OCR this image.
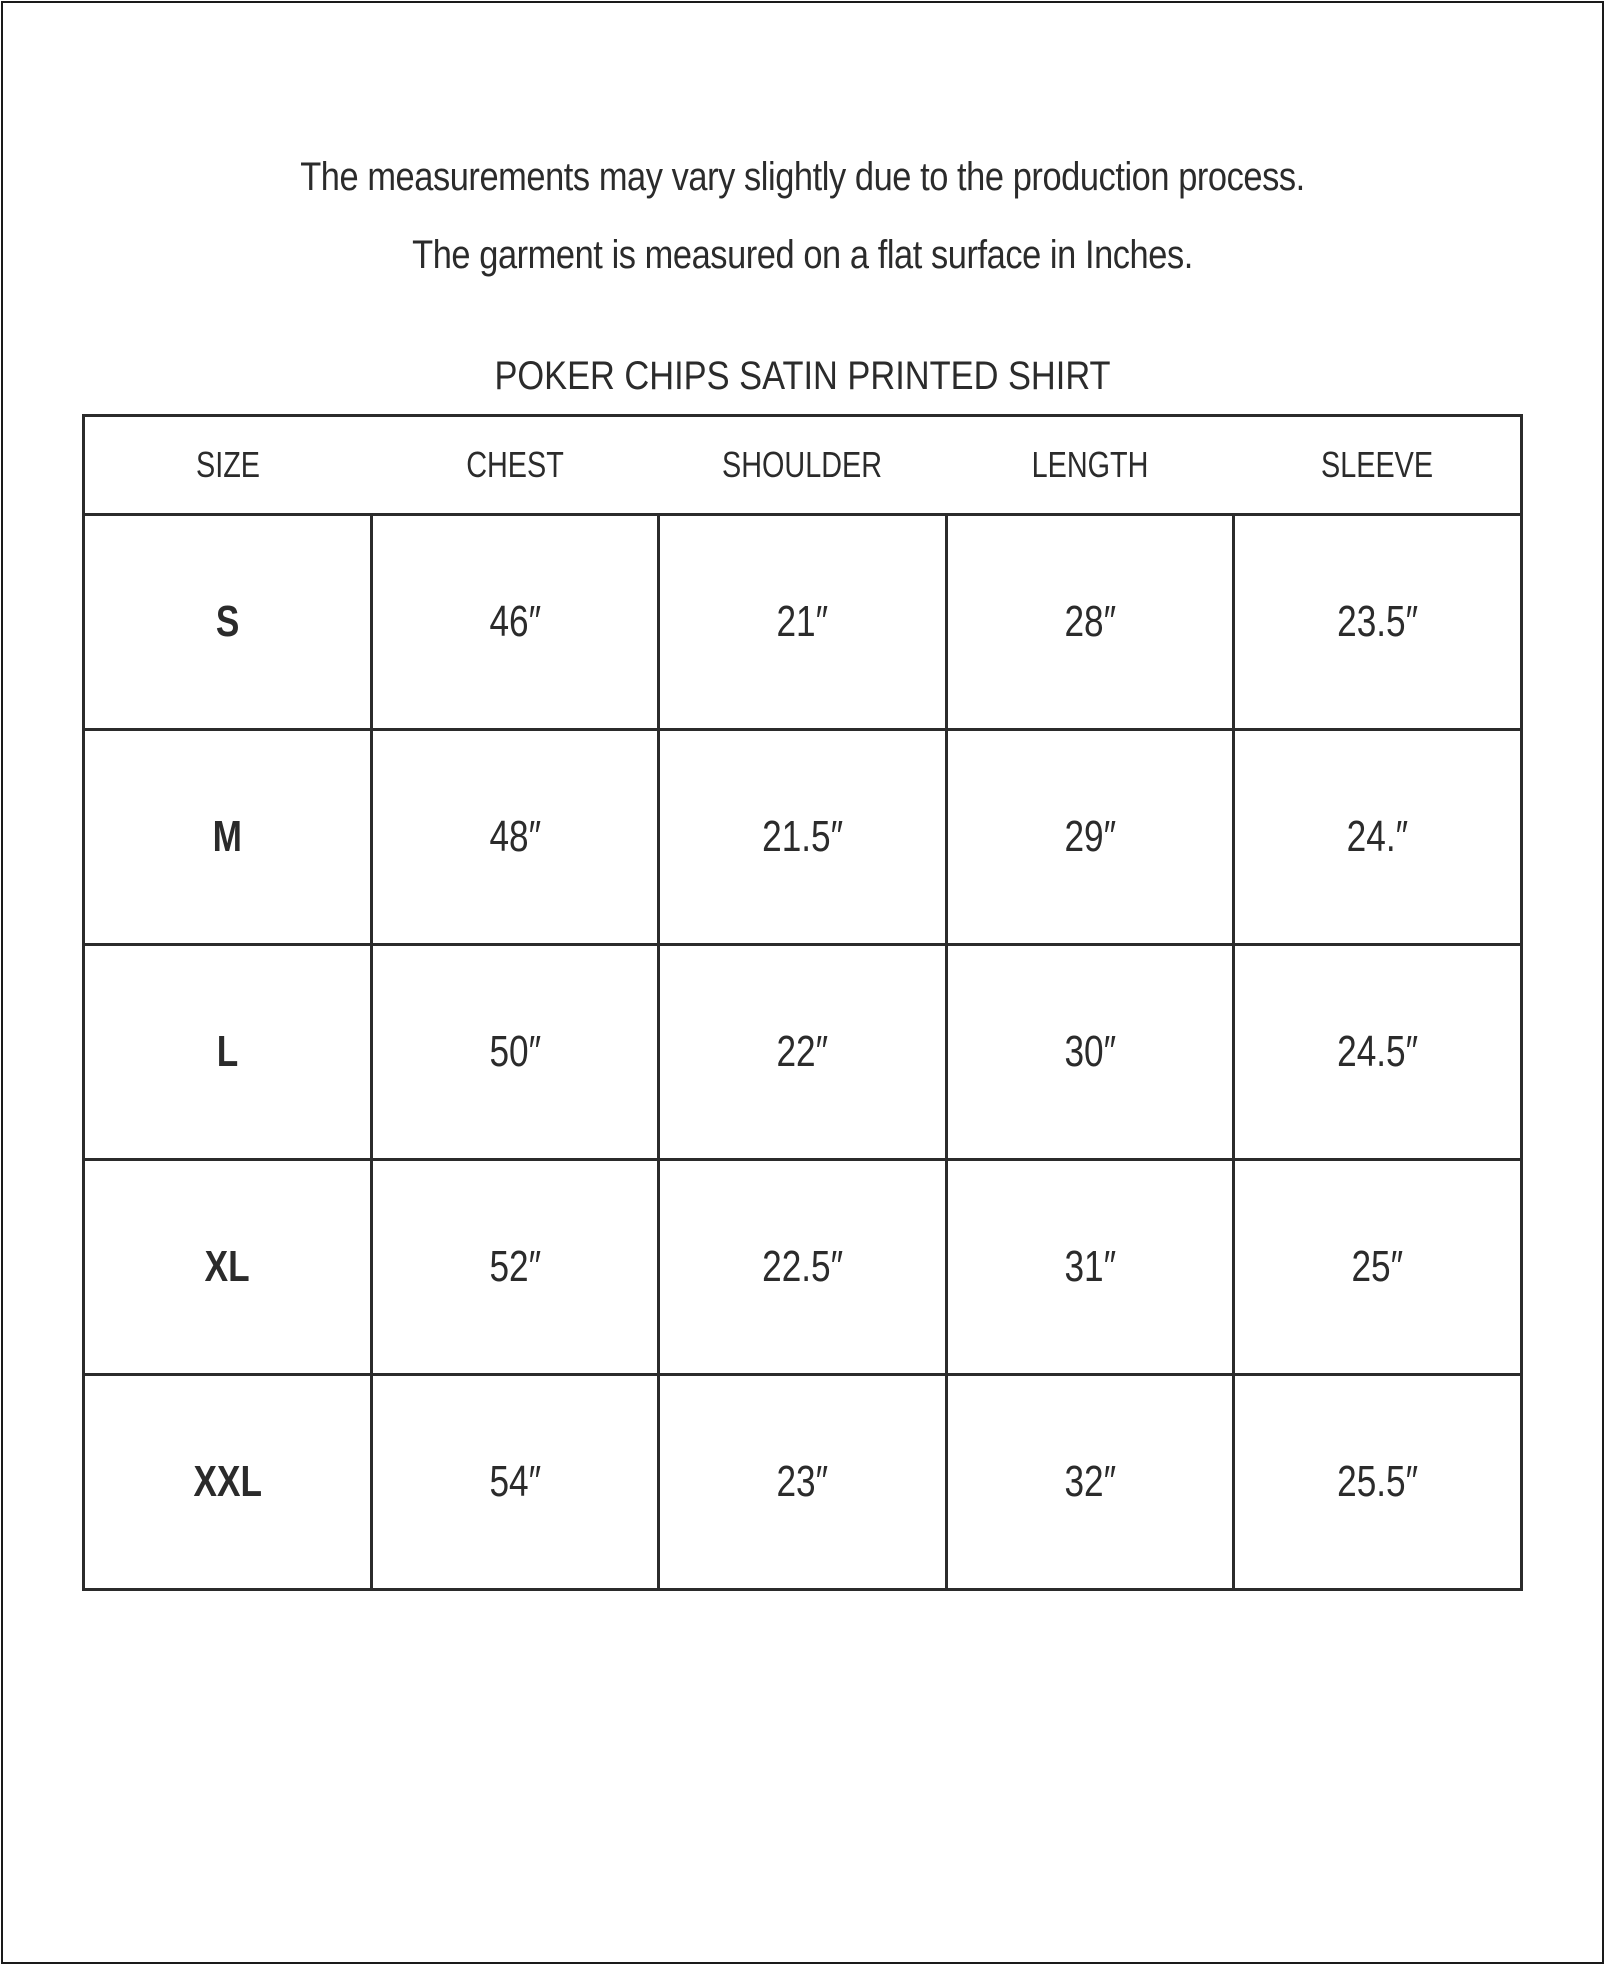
The measurements may vary slightly due to the production process.
The garment is measured on a flat surface in Inches.
POKER CHIPS SATIN PRINTED SHIRT
SIZE	CHEST	SHOULDER	LENGTH	SLEEVE
S	46″	21″	28″	23.5″
M	48″	21.5″	29″	24.″
L	50″	22″	30″	24.5″
XL	52″	22.5″	31″	25″
XXL	54″	23″	32″	25.5″
